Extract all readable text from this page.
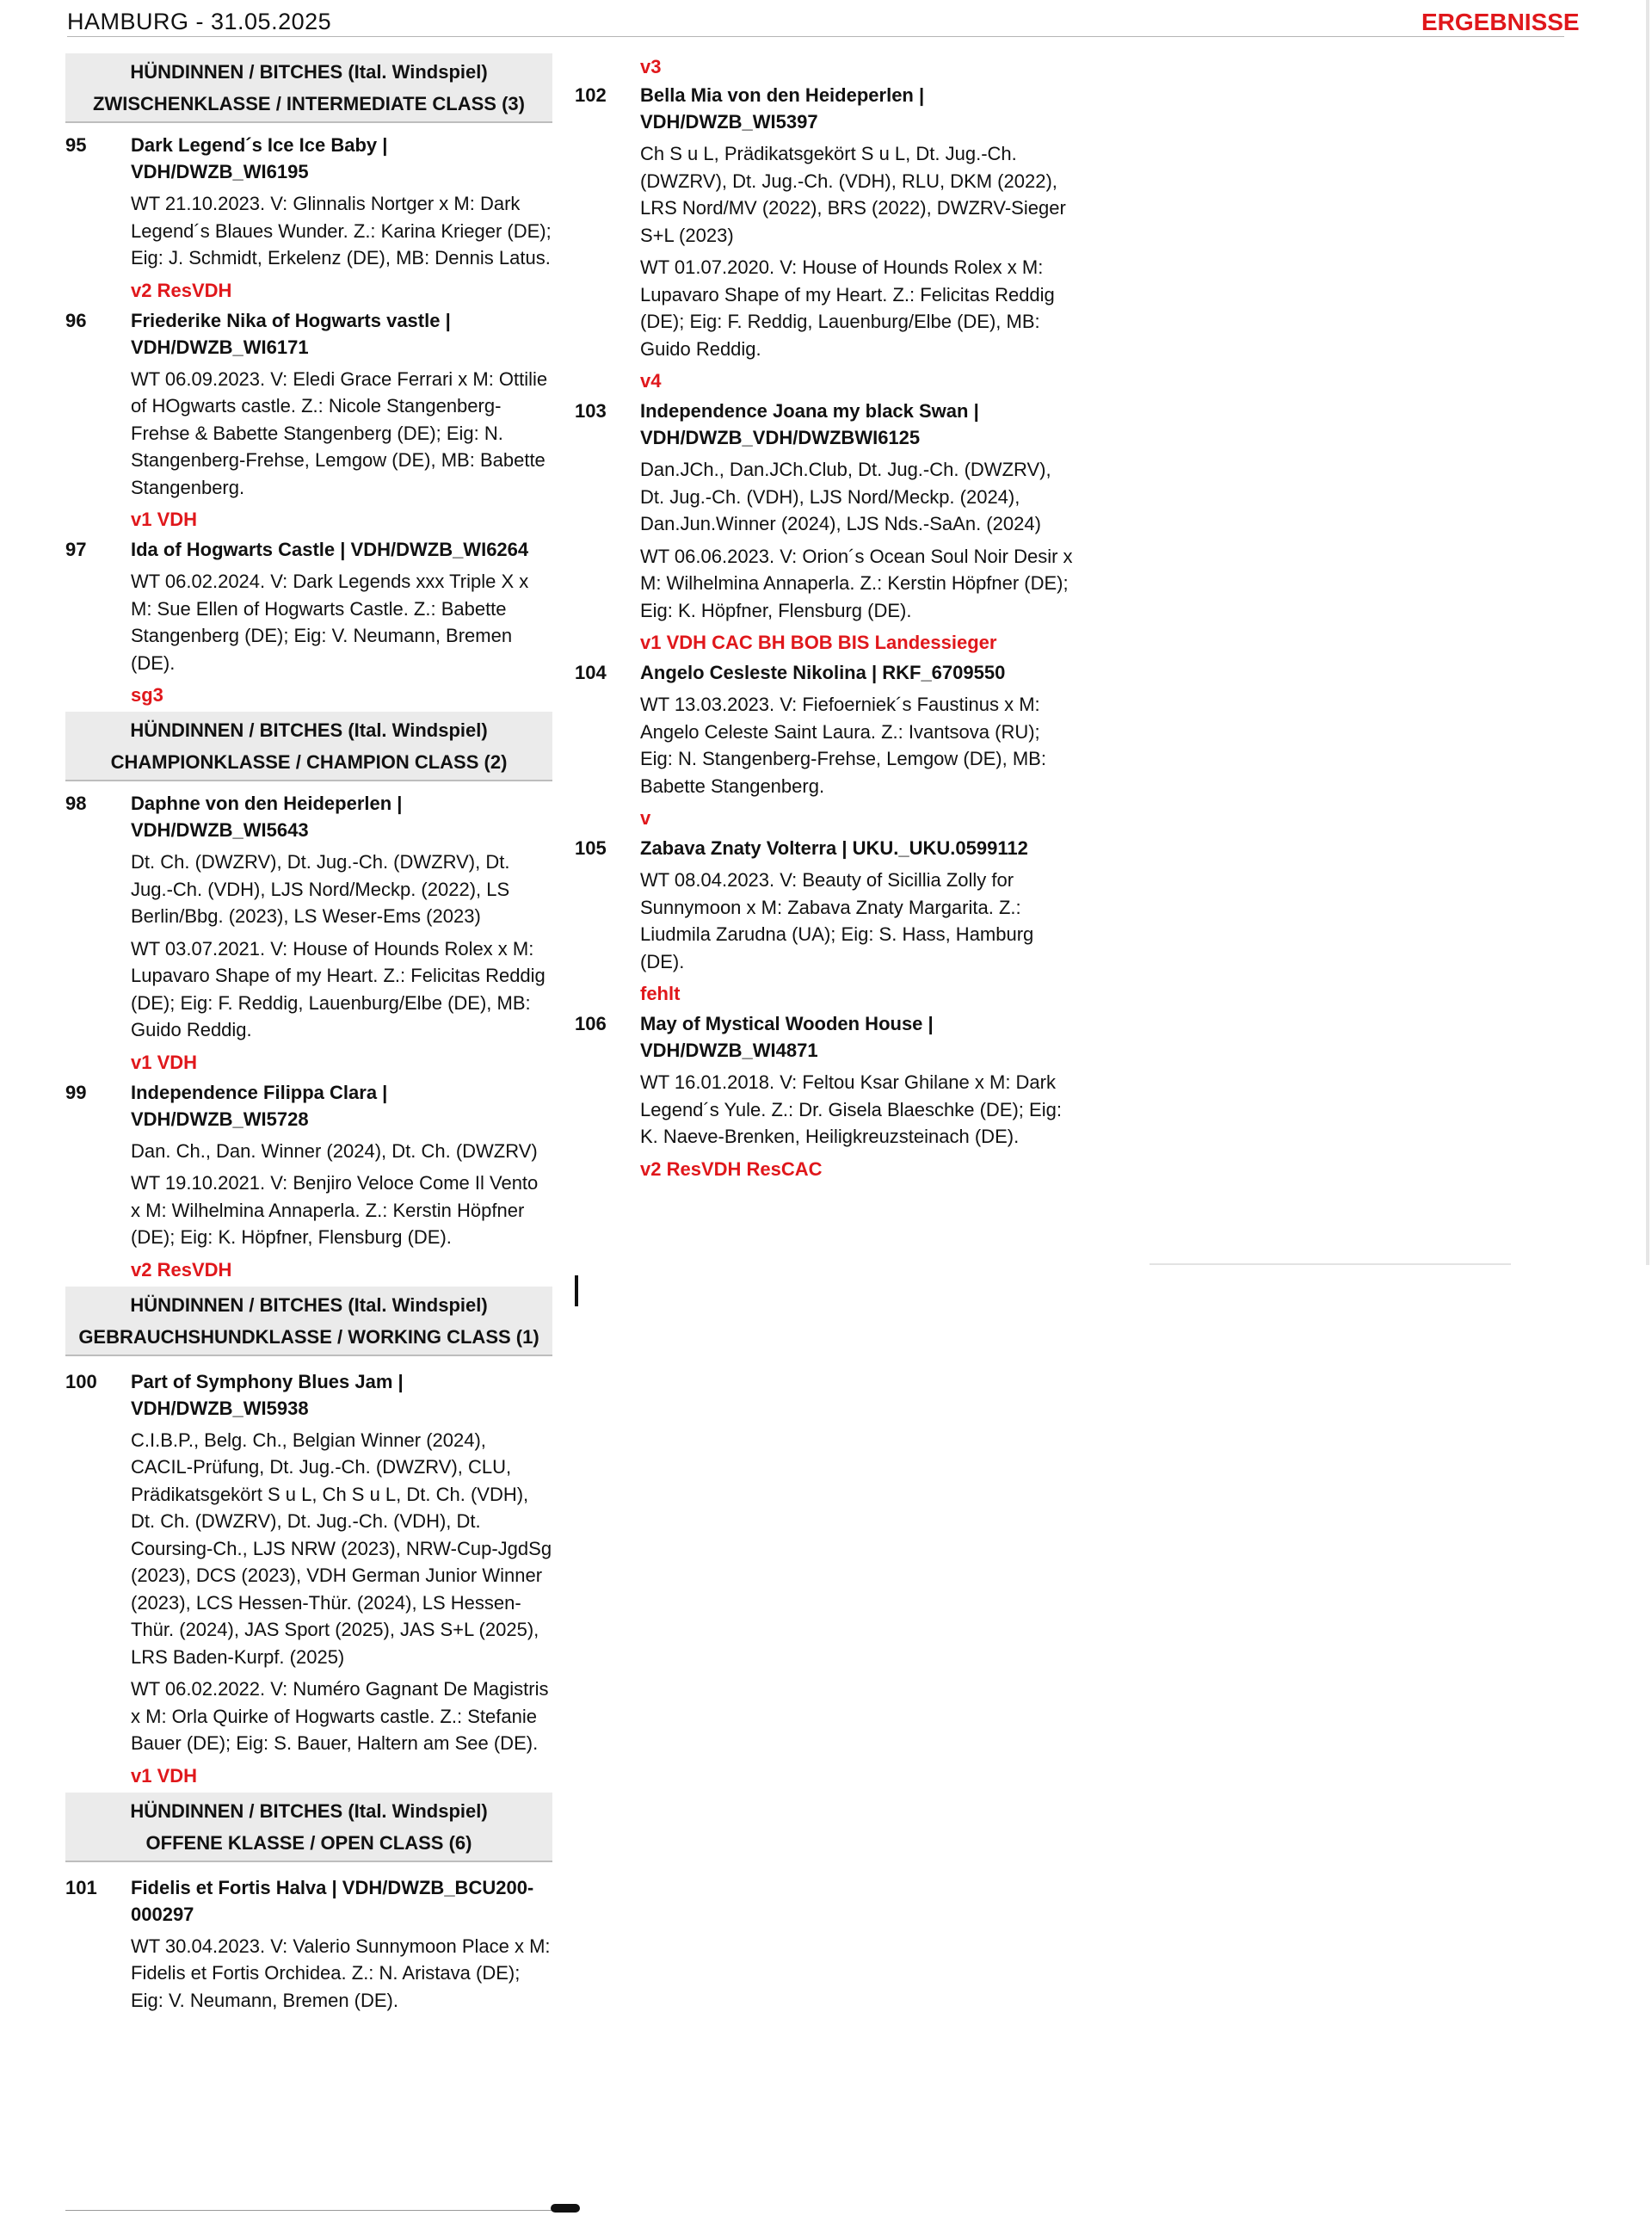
HAMBURG - 31.05.2025	ERGEBNISSE
HÜNDINNEN / BITCHES (Ital. Windspiel)
ZWISCHENKLASSE / INTERMEDIATE CLASS (3)
95	Dark Legend´s Ice Ice Baby | VDH/DWZB_WI6195
WT 21.10.2023. V: Glinnalis Nortger x M: Dark Legend´s Blaues Wunder. Z.: Karina Krieger (DE); Eig: J. Schmidt, Erkelenz (DE), MB: Dennis Latus.
v2 ResVDH
96	Friederike Nika of Hogwarts vastle | VDH/DWZB_WI6171
WT 06.09.2023. V: Eledi Grace Ferrari x M: Ottilie of HOgwarts castle. Z.: Nicole Stangenberg-Frehse & Babette Stangenberg (DE); Eig: N. Stangenberg-Frehse, Lemgow (DE), MB: Babette Stangenberg.
v1 VDH
97	Ida of Hogwarts Castle | VDH/DWZB_WI6264
WT 06.02.2024. V: Dark Legends xxx Triple X x M: Sue Ellen of Hogwarts Castle. Z.: Babette Stangenberg (DE); Eig: V. Neumann, Bremen (DE).
sg3
HÜNDINNEN / BITCHES (Ital. Windspiel)
CHAMPIONKLASSE / CHAMPION CLASS (2)
98	Daphne von den Heideperlen | VDH/DWZB_WI5643
Dt. Ch. (DWZRV), Dt. Jug.-Ch. (DWZRV), Dt. Jug.-Ch. (VDH), LJS Nord/Meckp. (2022), LS Berlin/Bbg. (2023), LS Weser-Ems (2023)
WT 03.07.2021. V: House of Hounds Rolex x M: Lupavaro Shape of my Heart. Z.: Felicitas Reddig (DE); Eig: F. Reddig, Lauenburg/Elbe (DE), MB: Guido Reddig.
v1 VDH
99	Independence Filippa Clara | VDH/DWZB_WI5728
Dan. Ch., Dan. Winner (2024), Dt. Ch. (DWZRV)
WT 19.10.2021. V: Benjiro Veloce Come Il Vento x M: Wilhelmina Annaperla. Z.: Kerstin Höpfner (DE); Eig: K. Höpfner, Flensburg (DE).
v2 ResVDH
HÜNDINNEN / BITCHES (Ital. Windspiel)
GEBRAUCHSHUNDKLASSE / WORKING CLASS (1)
100	Part of Symphony Blues Jam | VDH/DWZB_WI5938
C.I.B.P., Belg. Ch., Belgian Winner (2024), CACIL-Prüfung, Dt. Jug.-Ch. (DWZRV), CLU, Prädikatsgekört S u L, Ch S u L, Dt. Ch. (VDH), Dt. Ch. (DWZRV), Dt. Jug.-Ch. (VDH), Dt. Coursing-Ch., LJS NRW (2023), NRW-Cup-JgdSg (2023), DCS (2023), VDH German Junior Winner (2023), LCS Hessen-Thür. (2024), LS Hessen-Thür. (2024), JAS Sport (2025), JAS S+L (2025), LRS Baden-Kurpf. (2025)
WT 06.02.2022. V: Numéro Gagnant De Magistris x M: Orla Quirke of Hogwarts castle. Z.: Stefanie Bauer (DE); Eig: S. Bauer, Haltern am See (DE).
v1 VDH
HÜNDINNEN / BITCHES (Ital. Windspiel)
OFFENE KLASSE / OPEN CLASS (6)
101	Fidelis et Fortis Halva | VDH/DWZB_BCU200-000297
WT 30.04.2023. V: Valerio Sunnymoon Place x M: Fidelis et Fortis Orchidea. Z.: N. Aristava (DE); Eig: V. Neumann, Bremen (DE).
v3
102	Bella Mia von den Heideperlen | VDH/DWZB_WI5397
Ch S u L, Prädikatsgekört S u L, Dt. Jug.-Ch. (DWZRV), Dt. Jug.-Ch. (VDH), RLU, DKM (2022), LRS Nord/MV (2022), BRS (2022), DWZRV-Sieger S+L (2023)
WT 01.07.2020. V: House of Hounds Rolex x M: Lupavaro Shape of my Heart. Z.: Felicitas Reddig (DE); Eig: F. Reddig, Lauenburg/Elbe (DE), MB: Guido Reddig.
v4
103	Independence Joana my black Swan | VDH/DWZB_VDH/DWZBWI6125
Dan.JCh., Dan.JCh.Club, Dt. Jug.-Ch. (DWZRV), Dt. Jug.-Ch. (VDH), LJS Nord/Meckp. (2024), Dan.Jun.Winner (2024), LJS Nds.-SaAn. (2024)
WT 06.06.2023. V: Orion´s Ocean Soul Noir Desir x M: Wilhelmina Annaperla. Z.: Kerstin Höpfner (DE); Eig: K. Höpfner, Flensburg (DE).
v1 VDH CAC BH BOB BIS Landessieger
104	Angelo Cesleste Nikolina | RKF_6709550
WT 13.03.2023. V: Fiefoerniek´s Faustinus x M: Angelo Celeste Saint Laura. Z.: Ivantsova (RU); Eig: N. Stangenberg-Frehse, Lemgow (DE), MB: Babette Stangenberg.
v
105	Zabava Znaty Volterra | UKU._UKU.0599112
WT 08.04.2023. V: Beauty of Sicillia Zolly for Sunnymoon x M: Zabava Znaty Margarita. Z.: Liudmila Zarudna (UA); Eig: S. Hass, Hamburg (DE).
fehlt
106	May of Mystical Wooden House | VDH/DWZB_WI4871
WT 16.01.2018. V: Feltou Ksar Ghilane x M: Dark Legend´s Yule. Z.: Dr. Gisela Blaeschke (DE); Eig: K. Naeve-Brenken, Heiligkreuzsteinach (DE).
v2 ResVDH ResCAC
